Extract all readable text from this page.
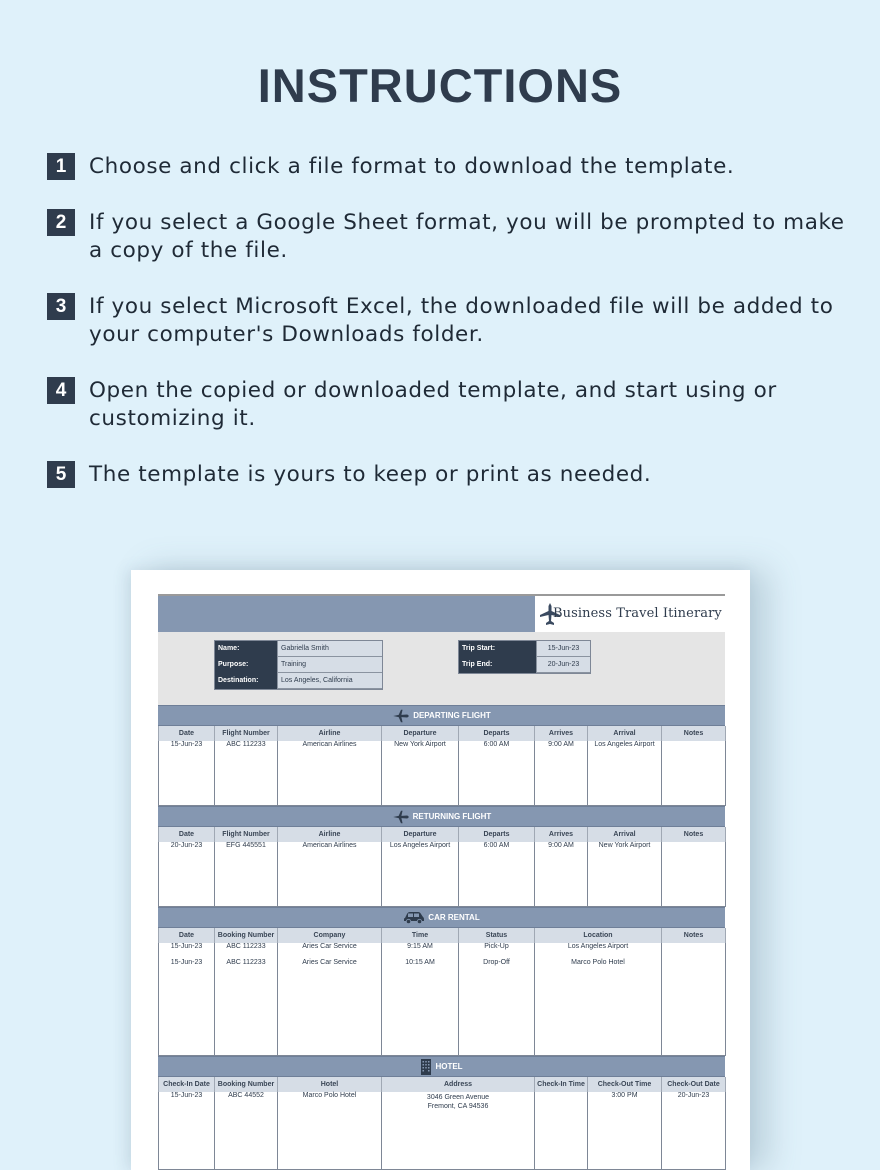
INSTRUCTIONS
1	Choose and click a file format to download the template.
2	If you select a Google Sheet format, you will be prompted to make a copy of the file.
3	If you select Microsoft Excel, the downloaded file will be added to your computer's Downloads folder.
4	Open the copied or downloaded template, and start using or customizing it.
5	The template is yours to keep or print as needed.
Business Travel Itinerary
Name:	Gabriella Smith
Purpose:	Training
Destination:	Los Angeles, California
Trip Start:	15-Jun-23
Trip End:	20-Jun-23
DEPARTING FLIGHT
Date	Flight Number	Airline	Departure	Departs	Arrives	Arrival	Notes
15-Jun-23	ABC 112233	American Airlines	New York Airport	6:00 AM	9:00 AM	Los Angeles Airport	

RETURNING FLIGHT
Date	Flight Number	Airline	Departure	Departs	Arrives	Arrival	Notes
20-Jun-23	EFG 445551	American Airlines	Los Angeles Airport	6:00 AM	9:00 AM	New York Airport	

CAR RENTAL
Date	Booking Number	Company	Time	Status	Location	Notes
15-Jun-23	ABC 112233	Aries Car Service	9:15 AM	Pick-Up	Los Angeles Airport	
15-Jun-23	ABC 112233	Aries Car Service	10:15 AM	Drop-Off	Marco Polo Hotel	

HOTEL
Check-In Date	Booking Number	Hotel	Address	Check-In Time	Check-Out Time	Check-Out Date
15-Jun-23	ABC 44552	Marco Polo Hotel	3046 Green Avenue
Fremont, CA 94536		3:00 PM	20-Jun-23
